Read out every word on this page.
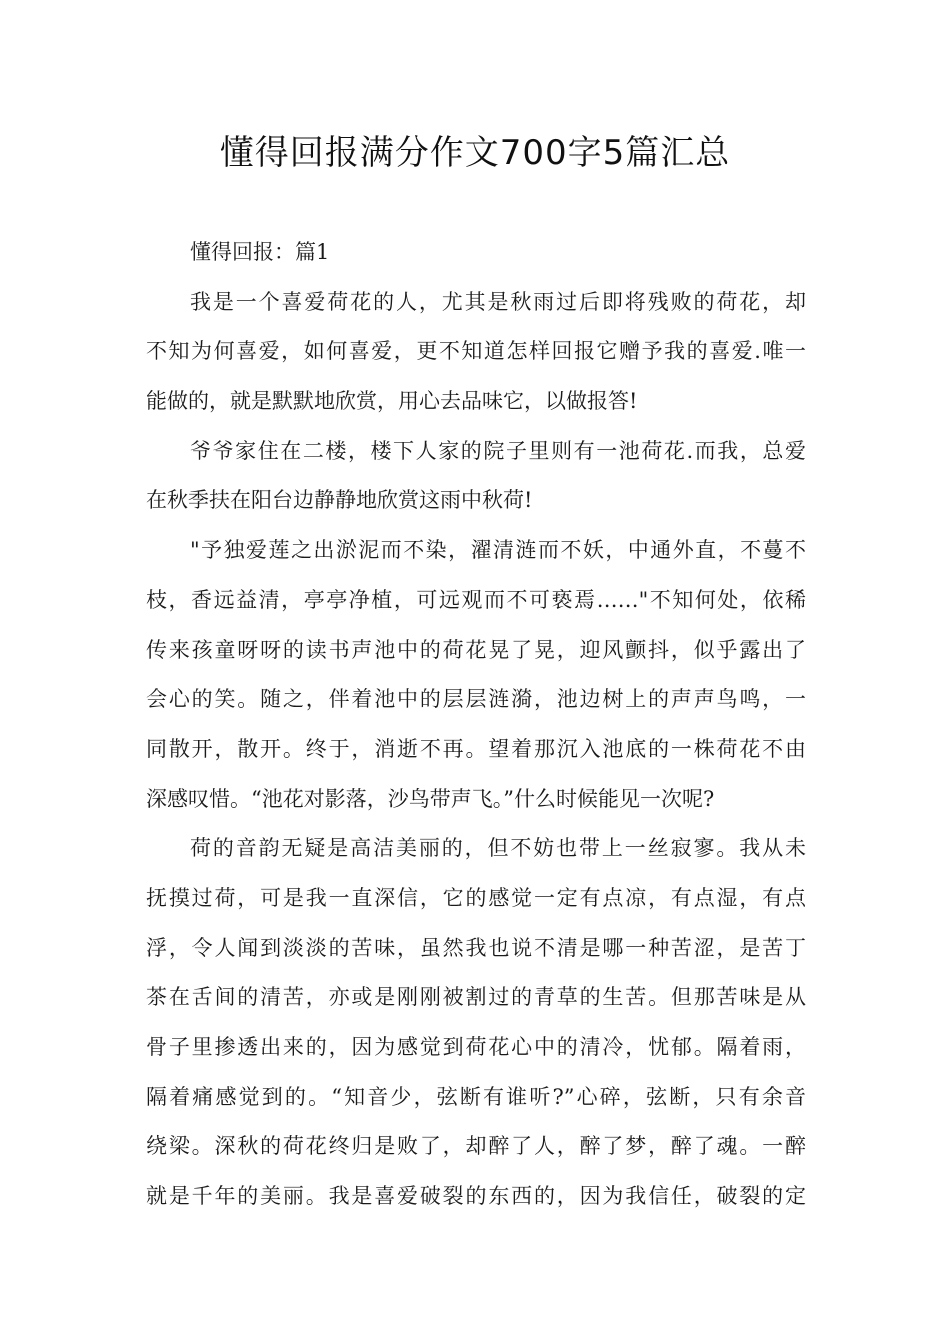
懂得回报满分作文700字5篇汇总
懂得回报：篇1
我是一个喜爱荷花的人，尤其是秋雨过后即将残败的荷花，却
不知为何喜爱，如何喜爱，更不知道怎样回报它赠予我的喜爱.唯一
能做的，就是默默地欣赏，用心去品味它，以做报答!
爷爷家住在二楼，楼下人家的院子里则有一池荷花.而我，总爱
在秋季扶在阳台边静静地欣赏这雨中秋荷!
"予独爱莲之出淤泥而不染，濯清涟而不妖，中通外直，不蔓不
枝，香远益清，亭亭净植，可远观而不可亵焉……"不知何处，依稀
传来孩童呀呀的读书声池中的荷花晃了晃，迎风颤抖，似乎露出了
会心的笑。随之，伴着池中的层层涟漪，池边树上的声声鸟鸣，一
同散开，散开。终于，消逝不再。望着那沉入池底的一株荷花不由
深感叹惜。“池花对影落，沙鸟带声飞。”什么时候能见一次呢?
荷的音韵无疑是高洁美丽的，但不妨也带上一丝寂寥。我从未
抚摸过荷，可是我一直深信，它的感觉一定有点凉，有点湿，有点
浮，令人闻到淡淡的苦味，虽然我也说不清是哪一种苦涩，是苦丁
茶在舌间的清苦，亦或是刚刚被割过的青草的生苦。但那苦味是从
骨子里掺透出来的，因为感觉到荷花心中的清冷，忧郁。隔着雨，
隔着痛感觉到的。“知音少，弦断有谁听?”心碎，弦断，只有余音
绕梁。深秋的荷花终归是败了，却醉了人，醉了梦，醉了魂。一醉
就是千年的美丽。我是喜爱破裂的东西的，因为我信任，破裂的定
